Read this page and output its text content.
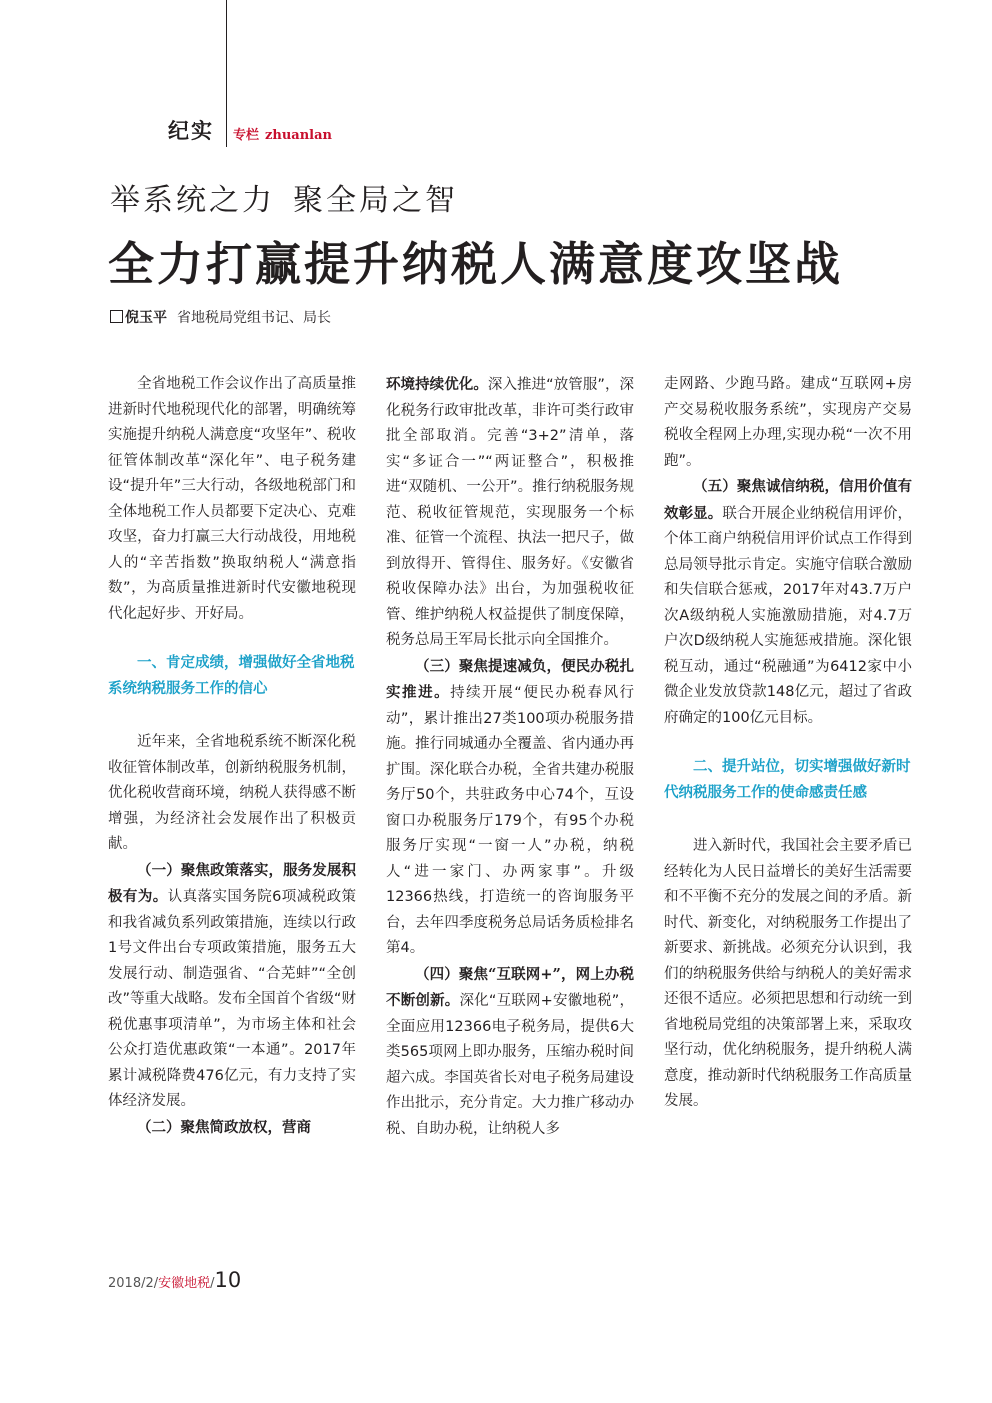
纪实 专栏 zhuanlan
举系统之力 聚全局之智
全力打赢提升纳税人满意度攻坚战
倪玉平 省地税局党组书记、局长

全省地税工作会议作出了高质量推进新时代地税现代化的部署，明确统筹实施提升纳税人满意度“攻坚年”、税收征管体制改革“深化年”、电子税务建设“提升年”三大行动，各级地税部门和全体地税工作人员都要下定决心、克难攻坚，奋力打赢三大行动战役，用地税人的“辛苦指数”换取纳税人“满意指数”，为高质量推进新时代安徽地税现代化起好步、开好局。

一、肯定成绩，增强做好全省地税系统纳税服务工作的信心

近年来，全省地税系统不断深化税收征管体制改革，创新纳税服务机制，优化税收营商环境，纳税人获得感不断增强，为经济社会发展作出了积极贡献。

（一）聚焦政策落实，服务发展积极有为。认真落实国务院6项减税政策和我省减负系列政策措施，连续以行政1号文件出台专项政策措施，服务五大发展行动、制造强省、“合芜蚌”“全创改”等重大战略。发布全国首个省级“财税优惠事项清单”，为市场主体和社会公众打造优惠政策“一本通”。2017年累计减税降费476亿元，有力支持了实体经济发展。

（二）聚焦简政放权，营商

环境持续优化。深入推进“放管服”，深化税务行政审批改革，非许可类行政审批全部取消。完善“3+2”清单，落实“多证合一”“两证整合”，积极推进“双随机、一公开”。推行纳税服务规范、税收征管规范，实现服务一个标准、征管一个流程、执法一把尺子，做到放得开、管得住、服务好。《安徽省税收保障办法》出台，为加强税收征管、维护纳税人权益提供了制度保障，税务总局王军局长批示向全国推介。

（三）聚焦提速减负，便民办税扎实推进。持续开展“便民办税春风行动”，累计推出27类100项办税服务措施。推行同城通办全覆盖、省内通办再扩围。深化联合办税，全省共建办税服务厅50个，共驻政务中心74个，互设窗口办税服务厅179个，有95个办税服务厅实现“一窗一人”办税，纳税人“进一家门、办两家事”。升级12366热线，打造统一的咨询服务平台，去年四季度税务总局话务质检排名第4。

（四）聚焦“互联网+”，网上办税不断创新。深化“互联网+安徽地税”，全面应用12366电子税务局，提供6大类565项网上即办服务，压缩办税时间超六成。李国英省长对电子税务局建设作出批示，充分肯定。大力推广移动办税、自助办税，让纳税人多

走网路、少跑马路。建成“互联网+房产交易税收服务系统”，实现房产交易税收全程网上办理,实现办税“一次不用跑”。

（五）聚焦诚信纳税，信用价值有效彰显。联合开展企业纳税信用评价，个体工商户纳税信用评价试点工作得到总局领导批示肯定。实施守信联合激励和失信联合惩戒，2017年对43.7万户次A级纳税人实施激励措施，对4.7万户次D级纳税人实施惩戒措施。深化银税互动，通过“税融通”为6412家中小微企业发放贷款148亿元，超过了省政府确定的100亿元目标。

二、提升站位，切实增强做好新时代纳税服务工作的使命感责任感

进入新时代，我国社会主要矛盾已经转化为人民日益增长的美好生活需要和不平衡不充分的发展之间的矛盾。新时代、新变化，对纳税服务工作提出了新要求、新挑战。必须充分认识到，我们的纳税服务供给与纳税人的美好需求还很不适应。必须把思想和行动统一到省地税局党组的决策部署上来，采取攻坚行动，优化纳税服务，提升纳税人满意度，推动新时代纳税服务工作高质量发展。

2018/2/安徽地税/10
